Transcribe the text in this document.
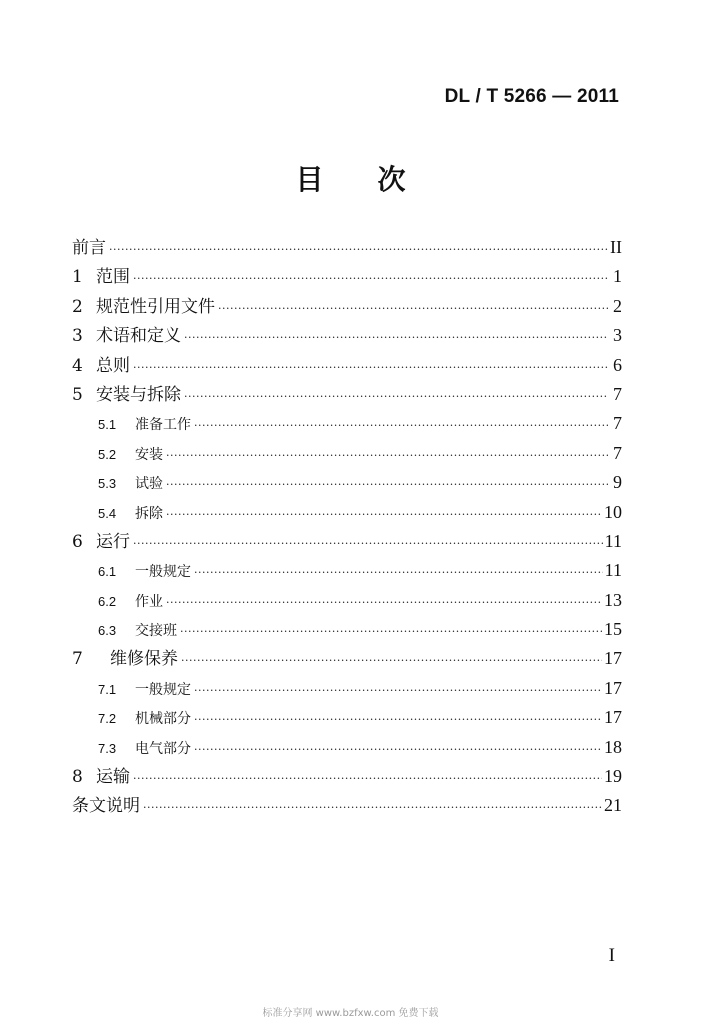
DL / T 5266 — 2011
目次
前言 ·····	II
1 范围 ·····	1
2 规范性引用文件 ·····	2
3 术语和定义 ·····	3
4 总则 ·····	6
5 安装与拆除 ·····	7
5.1	准备工作 ·····	7
5.2	安装 ·····	7
5.3	试验 ·····	9
5.4	拆除 ·····	10
6 运行 ·····	11
6.1	一般规定 ·····	11
6.2	作业 ·····	13
6.3	交接班 ·····	15
7	维修保养 ·····	17
7.1	一般规定 ·····	17
7.2	机械部分 ·····	17
7.3	电气部分 ·····	18
8 运输 ·····	19
条文说明 ·····	21
I
标准分享网 www.bzfxw.com 免费下载
